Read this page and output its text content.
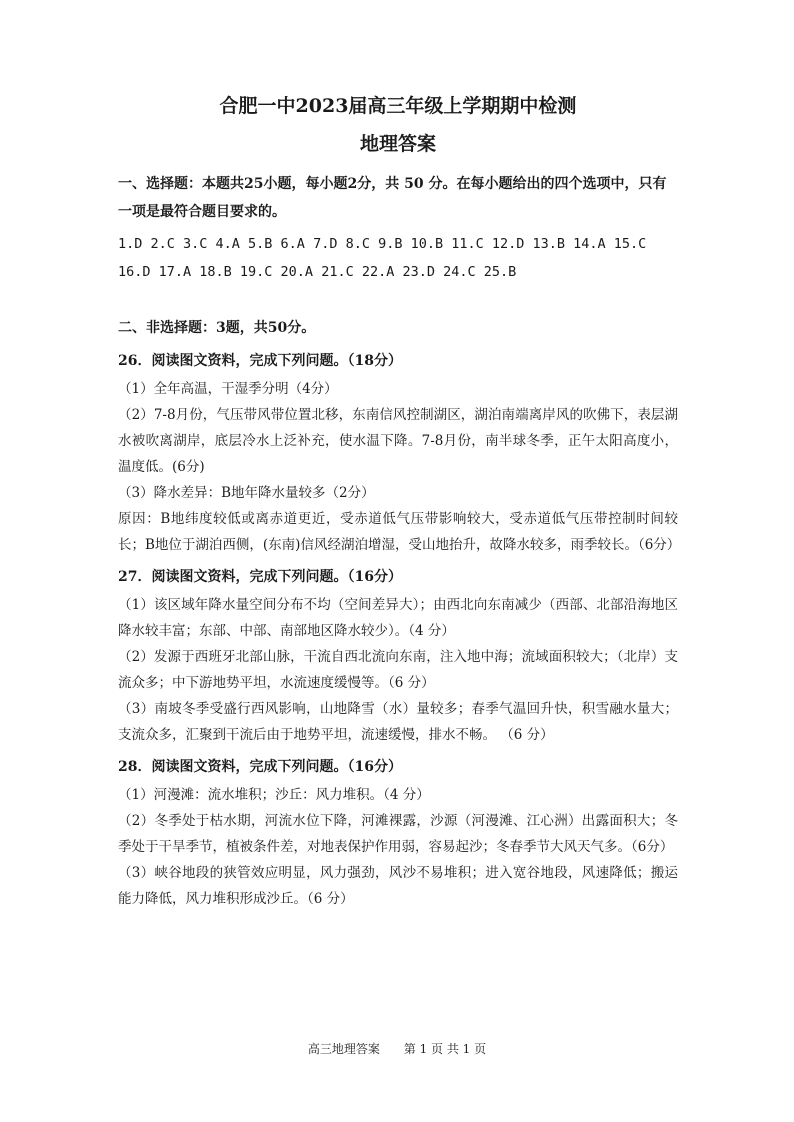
合肥一中2023届高三年级上学期期中检测
地理答案

一、选择题：本题共25小题，每小题2分，共 50 分。在每小题给出的四个选项中，只有

一项是最符合题目要求的。

1.D 2.C 3.C 4.A 5.B 6.A 7.D 8.C 9.B 10.B 11.C 12.D 13.B 14.A 15.C

16.D 17.A 18.B 19.C 20.A 21.C 22.A 23.D 24.C 25.B

二、非选择题：3题，共50分。

26．阅读图文资料，完成下列问题。（18分）

（1）全年高温，干湿季分明（4分）

（2）7-8月份，气压带风带位置北移，东南信风控制湖区，湖泊南端离岸风的吹佛下，表层湖水被吹离湖岸，底层冷水上泛补充，使水温下降。7-8月份，南半球冬季，正午太阳高度小，温度低。(6分)

（3）降水差异：B地年降水量较多（2分）

原因：B地纬度较低或离赤道更近，受赤道低气压带影响较大，受赤道低气压带控制时间较长；B地位于湖泊西侧，(东南)信风经湖泊增湿，受山地抬升，故降水较多，雨季较长。（6分）

27．阅读图文资料，完成下列问题。（16分）

（1）该区域年降水量空间分布不均（空间差异大）；由西北向东南减少（西部、北部沿海地区降水较丰富；东部、中部、南部地区降水较少）。（4 分）

（2）发源于西班牙北部山脉，干流自西北流向东南，注入地中海；流域面积较大；（北岸）支流众多；中下游地势平坦，水流速度缓慢等。（6 分）

（3）南坡冬季受盛行西风影响，山地降雪（水）量较多；春季气温回升快，积雪融水量大；支流众多，汇聚到干流后由于地势平坦，流速缓慢，排水不畅。 （6 分）

28．阅读图文资料，完成下列问题。（16分）

（1）河漫滩：流水堆积；沙丘：风力堆积。（4 分）

（2）冬季处于枯水期，河流水位下降，河滩裸露，沙源（河漫滩、江心洲）出露面积大；冬季处于干旱季节，植被条件差，对地表保护作用弱，容易起沙；冬春季节大风天气多。（6分）

（3）峡谷地段的狭管效应明显，风力强劲，风沙不易堆积；进入宽谷地段，风速降低；搬运能力降低，风力堆积形成沙丘。（6 分）

高三地理答案 第 1 页 共 1 页
